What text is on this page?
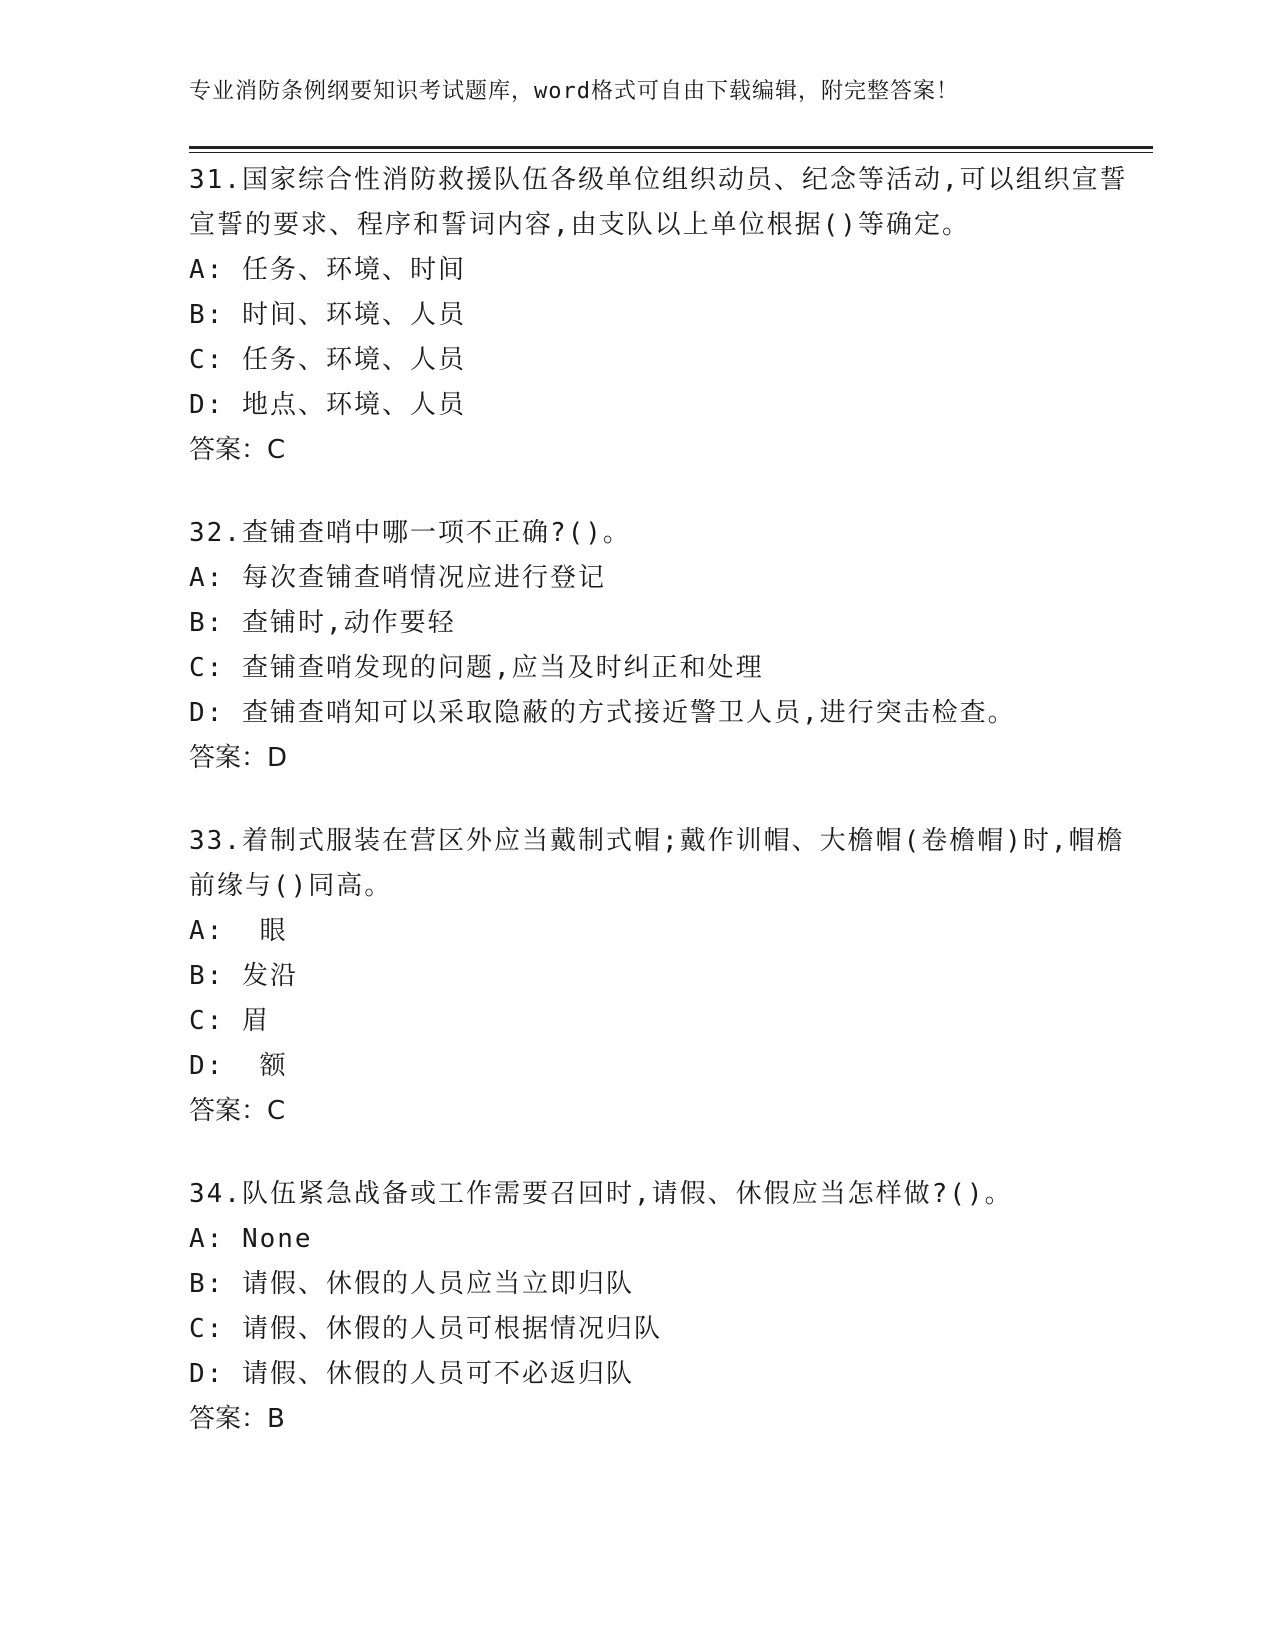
专业消防条例纲要知识考试题库，word格式可自由下载编辑，附完整答案！

31.国家综合性消防救援队伍各级单位组织动员、纪念等活动,可以组织宣誓宣誓的要求、程序和誓词内容,由支队以上单位根据()等确定。

A: 任务、环境、时间

B: 时间、环境、人员

C: 任务、环境、人员

D: 地点、环境、人员

答案：C

32.查铺查哨中哪一项不正确?()。

A: 每次查铺查哨情况应进行登记

B: 查铺时,动作要轻

C: 查铺查哨发现的问题,应当及时纠正和处理

D: 查铺查哨知可以采取隐蔽的方式接近警卫人员,进行突击检查。

答案：D

33.着制式服装在营区外应当戴制式帽;戴作训帽、大檐帽(卷檐帽)时,帽檐前缘与()同高。

A:  眼

B: 发沿

C: 眉

D:  额

答案：C

34.队伍紧急战备或工作需要召回时,请假、休假应当怎样做?()。

A: None

B: 请假、休假的人员应当立即归队

C: 请假、休假的人员可根据情况归队

D: 请假、休假的人员可不必返归队

答案：B
